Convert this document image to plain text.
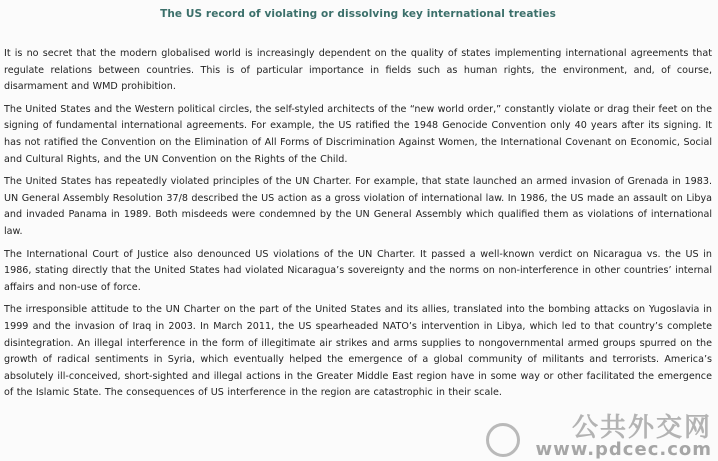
The US record of violating or dissolving key international treaties

It is no secret that the modern globalised world is increasingly dependent on the quality of states implementing international agreements that regulate relations between countries. This is of particular importance in fields such as human rights, the environment, and, of course, disarmament and WMD prohibition.

The United States and the Western political circles, the self-styled architects of the “new world order,” constantly violate or drag their feet on the signing of fundamental international agreements. For example, the US ratified the 1948 Genocide Convention only 40 years after its signing. It has not ratified the Convention on the Elimination of All Forms of Discrimination Against Women, the International Covenant on Economic, Social and Cultural Rights, and the UN Convention on the Rights of the Child.

The United States has repeatedly violated principles of the UN Charter. For example, that state launched an armed invasion of Grenada in 1983. UN General Assembly Resolution 37/8 described the US action as a gross violation of international law. In 1986, the US made an assault on Libya and invaded Panama in 1989. Both misdeeds were condemned by the UN General Assembly which qualified them as violations of international law.

The International Court of Justice also denounced US violations of the UN Charter. It passed a well-known verdict on Nicaragua vs. the US in 1986, stating directly that the United States had violated Nicaragua’s sovereignty and the norms on non-interference in other countries’ internal affairs and non-use of force.

The irresponsible attitude to the UN Charter on the part of the United States and its allies, translated into the bombing attacks on Yugoslavia in 1999 and the invasion of Iraq in 2003. In March 2011, the US spearheaded NATO’s intervention in Libya, which led to that country’s complete disintegration. An illegal interference in the form of illegitimate air strikes and arms supplies to nongovernmental armed groups spurred on the growth of radical sentiments in Syria, which eventually helped the emergence of a global community of militants and terrorists. America’s absolutely ill-conceived, short-sighted and illegal actions in the Greater Middle East region have in some way or other facilitated the emergence of the Islamic State. The consequences of US interference in the region are catastrophic in their scale.

公共外交网
www.pdcec.com
